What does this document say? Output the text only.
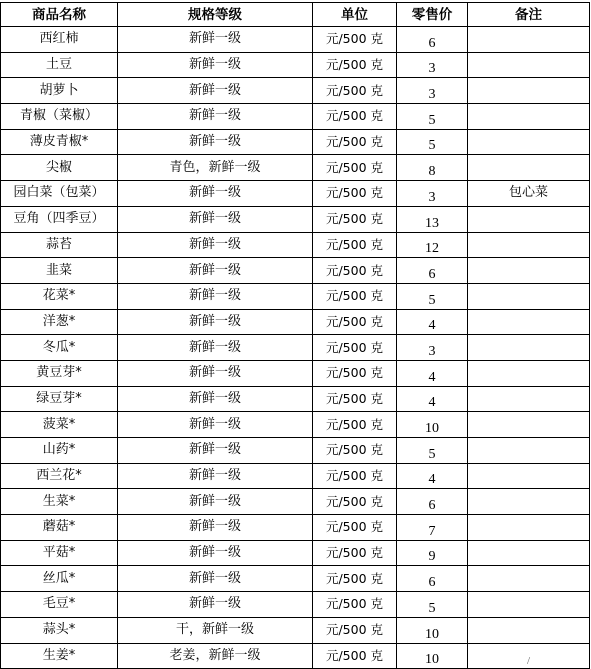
商品名称	规格等级	单位	零售价	备注
西红柿	新鲜一级	元/500 克	6	
土豆	新鲜一级	元/500 克	3	
胡萝卜	新鲜一级	元/500 克	3	
青椒（菜椒）	新鲜一级	元/500 克	5	
薄皮青椒*	新鲜一级	元/500 克	5	
尖椒	青色，新鲜一级	元/500 克	8	
园白菜（包菜）	新鲜一级	元/500 克	3	包心菜
豆角（四季豆）	新鲜一级	元/500 克	13	
蒜苔	新鲜一级	元/500 克	12	
韭菜	新鲜一级	元/500 克	6	
花菜*	新鲜一级	元/500 克	5	
洋葱*	新鲜一级	元/500 克	4	
冬瓜*	新鲜一级	元/500 克	3	
黄豆芽*	新鲜一级	元/500 克	4	
绿豆芽*	新鲜一级	元/500 克	4	
菠菜*	新鲜一级	元/500 克	10	
山药*	新鲜一级	元/500 克	5	
西兰花*	新鲜一级	元/500 克	4	
生菜*	新鲜一级	元/500 克	6	
蘑菇*	新鲜一级	元/500 克	7	
平菇*	新鲜一级	元/500 克	9	
丝瓜*	新鲜一级	元/500 克	6	
毛豆*	新鲜一级	元/500 克	5	
蒜头*	干，新鲜一级	元/500 克	10	
生姜*	老姜，新鲜一级	元/500 克	10	/
